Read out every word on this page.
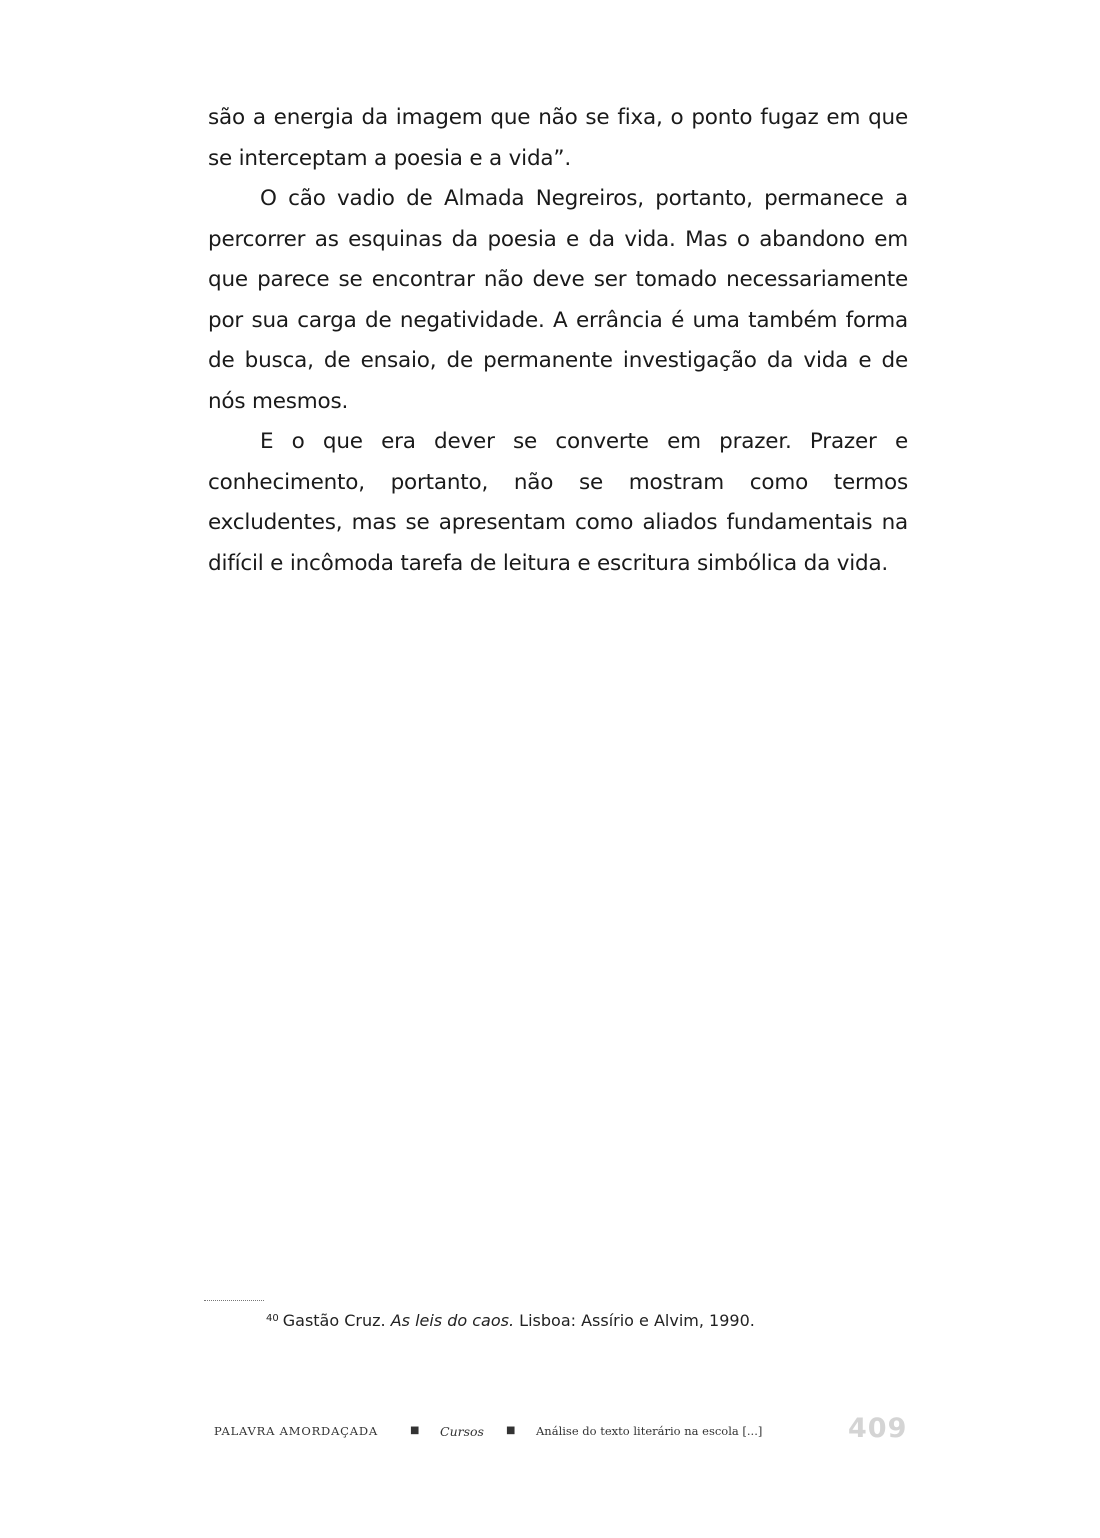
são a energia da imagem que não se fixa, o ponto fugaz em que se interceptam a poesia e a vida”.

O cão vadio de Almada Negreiros, portanto, permanece a percorrer as esquinas da poesia e da vida. Mas o abandono em que parece se encontrar não deve ser tomado necessariamente por sua carga de negatividade. A errância é uma também forma de busca, de ensaio, de permanente investigação da vida e de nós mesmos.

E o que era dever se converte em prazer. Prazer e conhecimento, portanto, não se mostram como termos excludentes, mas se apresentam como aliados fundamentais na difícil e incômoda tarefa de leitura e escritura simbólica da vida.

$^{40}$ Gastão Cruz. As leis do caos. Lisboa: Assírio e Alvim, 1990.
PALAVRA AMORDAÇADA	■ Cursos ■ Análise do texto literário na escola [...]	409
